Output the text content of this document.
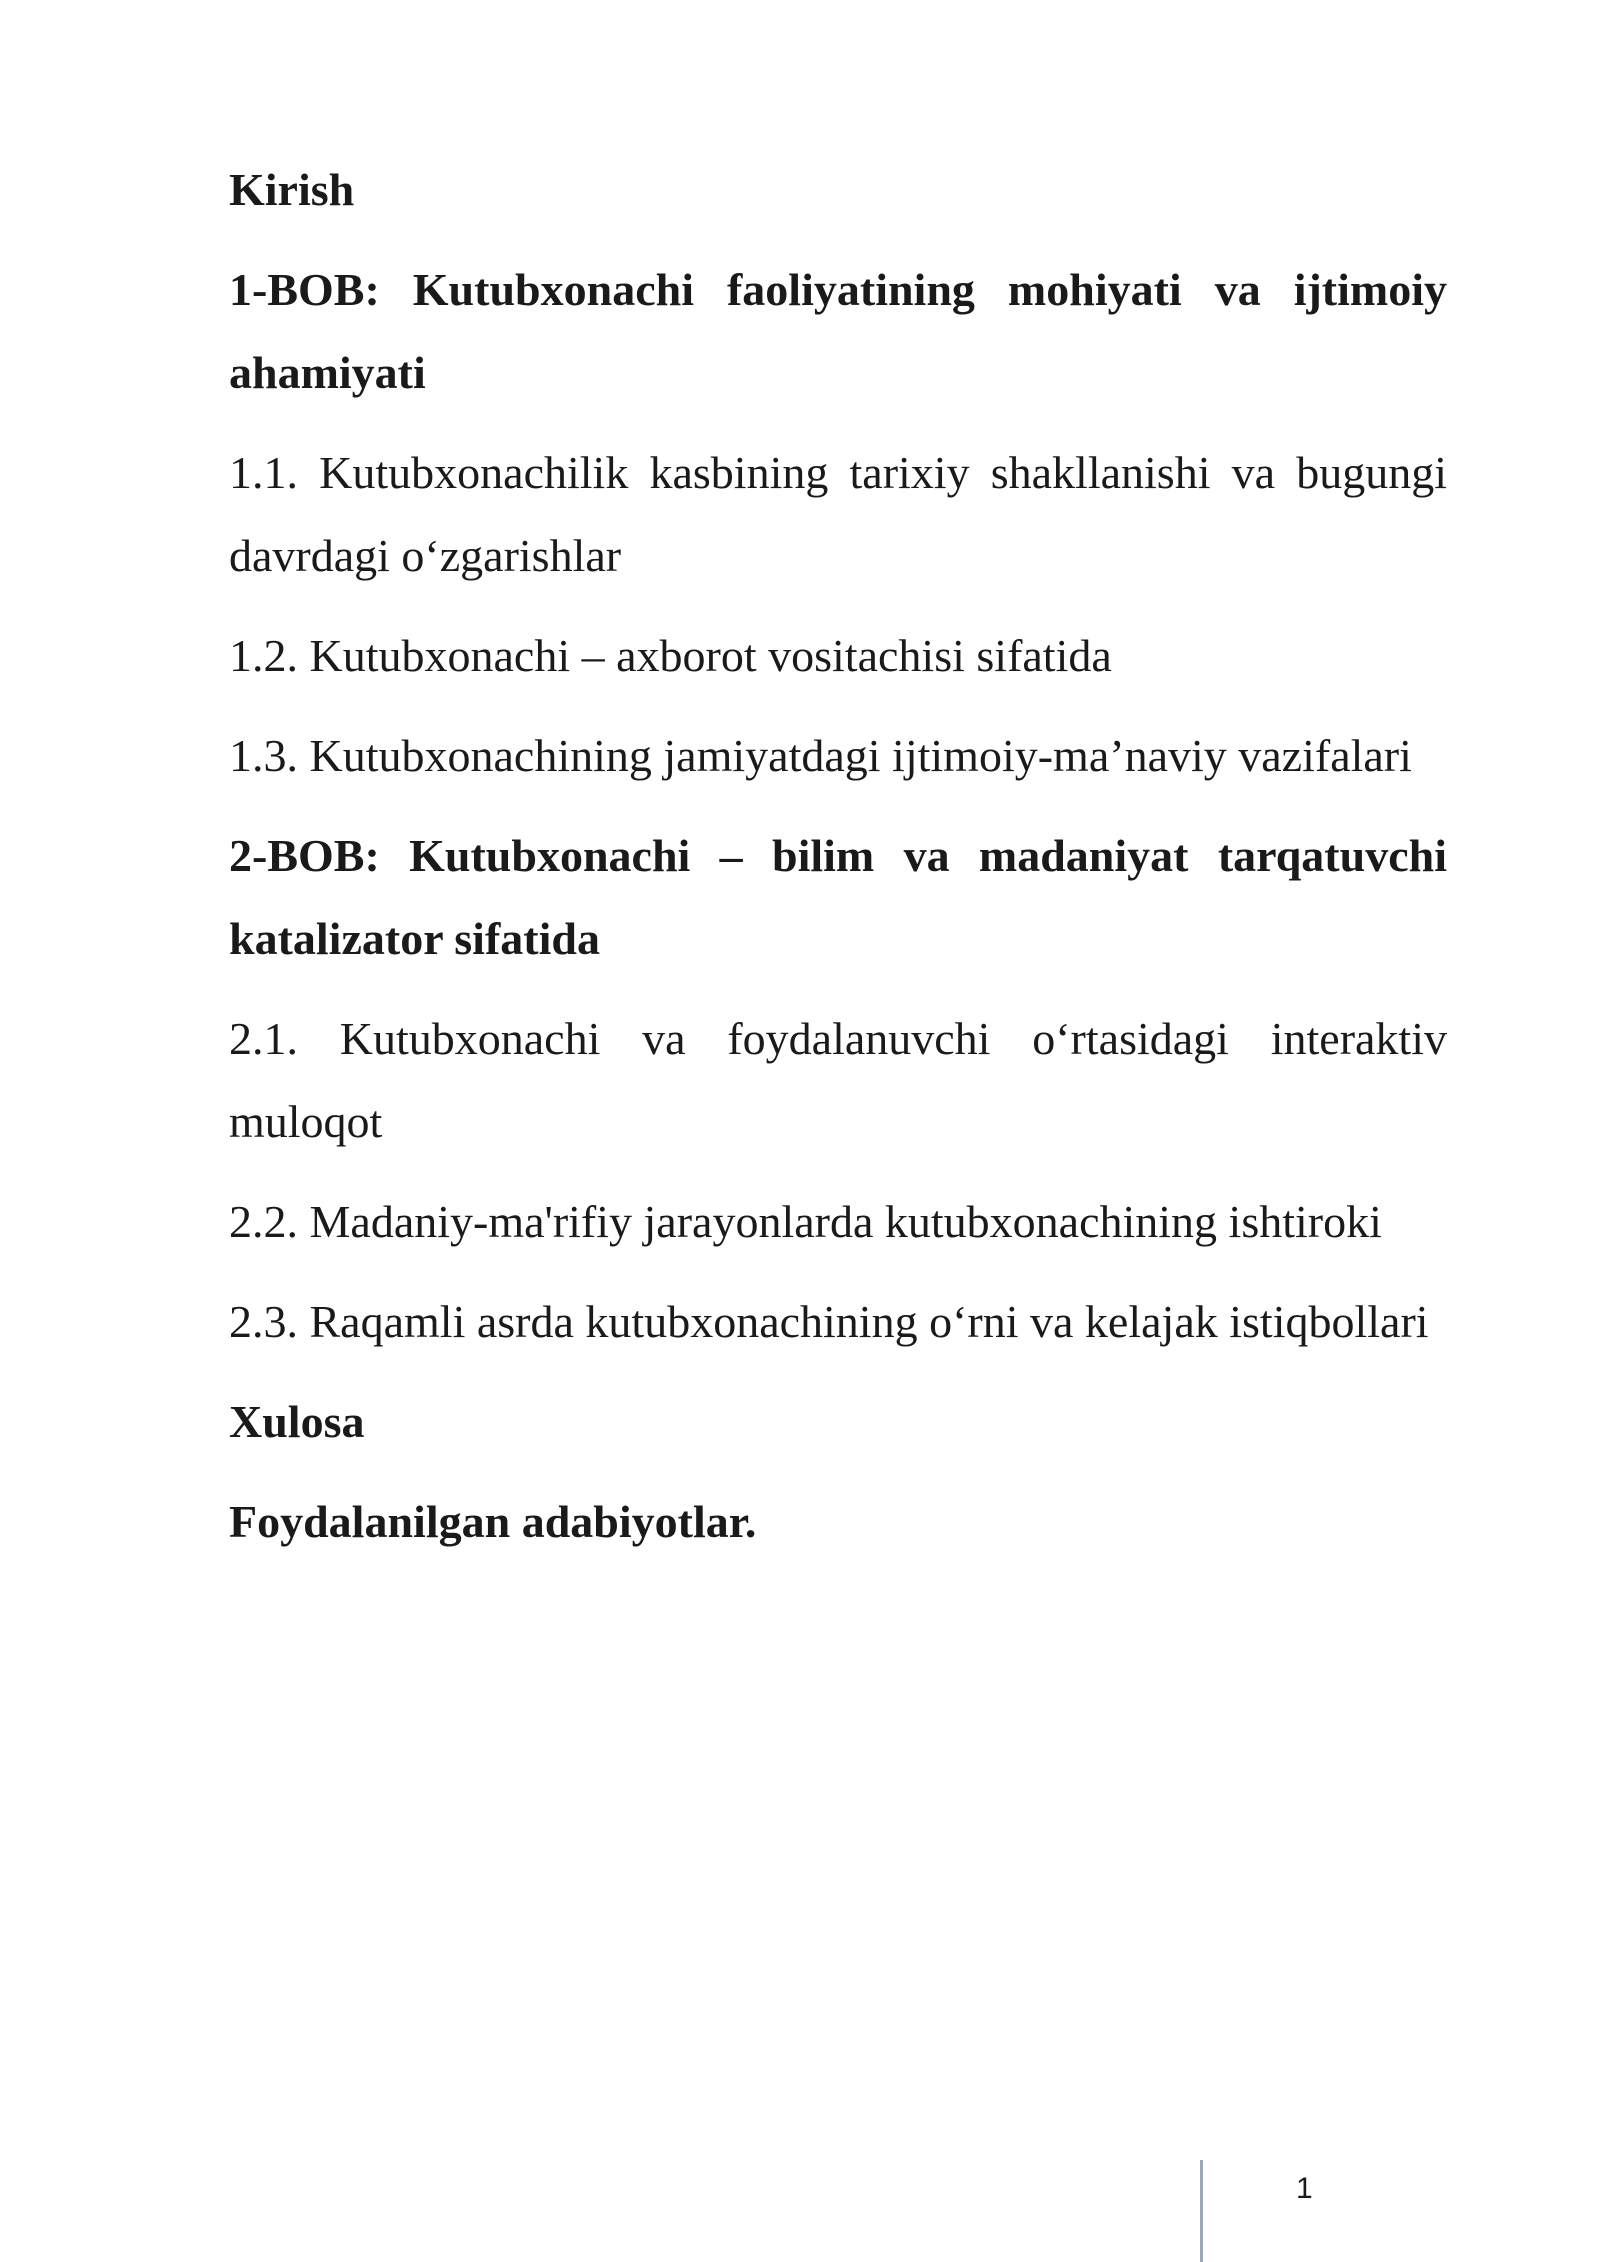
Kirish

1-BOB: Kutubxonachi faoliyatining mohiyati va ijtimoiy ahamiyati

1.1. Kutubxonachilik kasbining tarixiy shakllanishi va bugungi davrdagi o‘zgarishlar

1.2. Kutubxonachi – axborot vositachisi sifatida

1.3. Kutubxonachining jamiyatdagi ijtimoiy-ma’naviy vazifalari

2-BOB: Kutubxonachi – bilim va madaniyat tarqatuvchi katalizator sifatida

2.1. Kutubxonachi va foydalanuvchi o‘rtasidagi interaktiv muloqot

2.2. Madaniy-ma'rifiy jarayonlarda kutubxonachining ishtiroki

2.3. Raqamli asrda kutubxonachining o‘rni va kelajak istiqbollari

Xulosa

Foydalanilgan adabiyotlar.

1
